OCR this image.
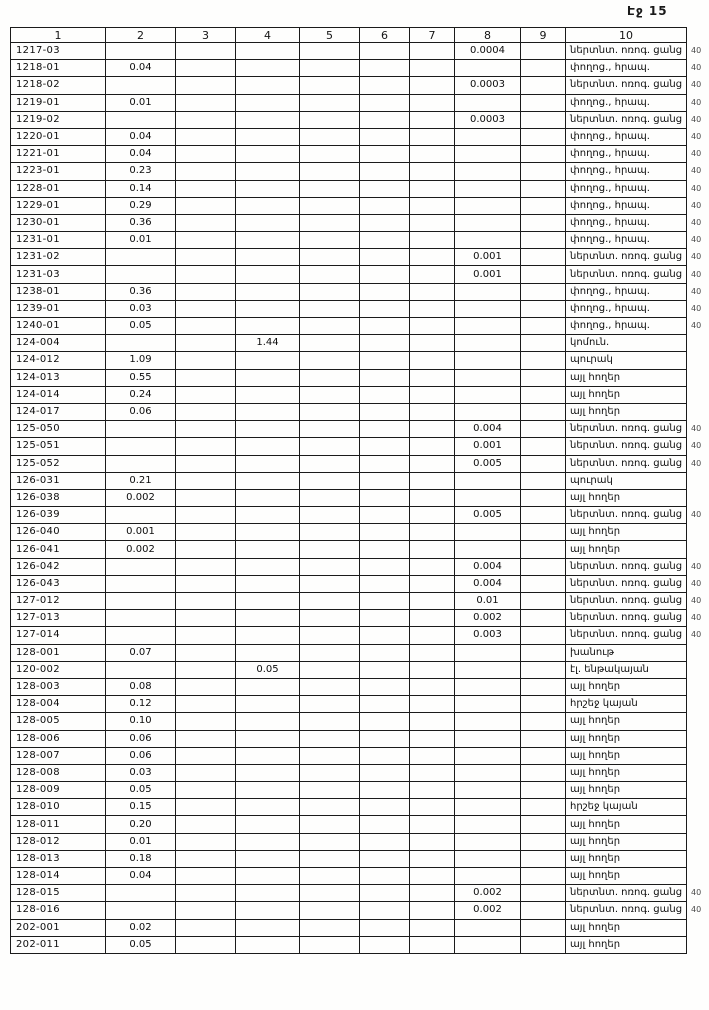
Էջ 15
1	2	3	4	5	6	7	8	9	10	
1217-03							0.0004		ներտնտ. ոռոգ. ցանց	40
1218-01	0.04								փողոց., հրապ.	40
1218-02							0.0003		ներտնտ. ոռոգ. ցանց	40
1219-01	0.01								փողոց., հրապ.	40
1219-02							0.0003		ներտնտ. ոռոգ. ցանց	40
1220-01	0.04								փողոց., հրապ.	40
1221-01	0.04								փողոց., հրապ.	40
1223-01	0.23								փողոց., հրապ.	40
1228-01	0.14								փողոց., հրապ.	40
1229-01	0.29								փողոց., հրապ.	40
1230-01	0.36								փողոց., հրապ.	40
1231-01	0.01								փողոց., հրապ.	40
1231-02							0.001		ներտնտ. ոռոգ. ցանց	40
1231-03							0.001		ներտնտ. ոռոգ. ցանց	40
1238-01	0.36								փողոց., հրապ.	40
1239-01	0.03								փողոց., հրապ.	40
1240-01	0.05								փողոց., հրապ.	40
124-004			1.44						կոմուն.	
124-012	1.09								պուրակ	
124-013	0.55								այլ հողեր	
124-014	0.24								այլ հողեր	
124-017	0.06								այլ հողեր	
125-050							0.004		ներտնտ. ոռոգ. ցանց	40
125-051							0.001		ներտնտ. ոռոգ. ցանց	40
125-052							0.005		ներտնտ. ոռոգ. ցանց	40
126-031	0.21								պուրակ	
126-038	0.002								այլ հողեր	
126-039							0.005		ներտնտ. ոռոգ. ցանց	40
126-040	0.001								այլ հողեր	
126-041	0.002								այլ հողեր	
126-042							0.004		ներտնտ. ոռոգ. ցանց	40
126-043							0.004		ներտնտ. ոռոգ. ցանց	40
127-012							0.01		ներտնտ. ոռոգ. ցանց	40
127-013							0.002		ներտնտ. ոռոգ. ցանց	40
127-014							0.003		ներտնտ. ոռոգ. ցանց	40
128-001	0.07								խանութ	
120-002			0.05						էլ. ենթակայան	
128-003	0.08								այլ հողեր	
128-004	0.12								հրշեջ կայան	
128-005	0.10								այլ հողեր	
128-006	0.06								այլ հողեր	
128-007	0.06								այլ հողեր	
128-008	0.03								այլ հողեր	
128-009	0.05								այլ հողեր	
128-010	0.15								հրշեջ կայան	
128-011	0.20								այլ հողեր	
128-012	0.01								այլ հողեր	
128-013	0.18								այլ հողեր	
128-014	0.04								այլ հողեր	
128-015							0.002		ներտնտ. ոռոգ. ցանց	40
128-016							0.002		ներտնտ. ոռոգ. ցանց	40
202-001	0.02								այլ հողեր	
202-011	0.05								այլ հողեր	
